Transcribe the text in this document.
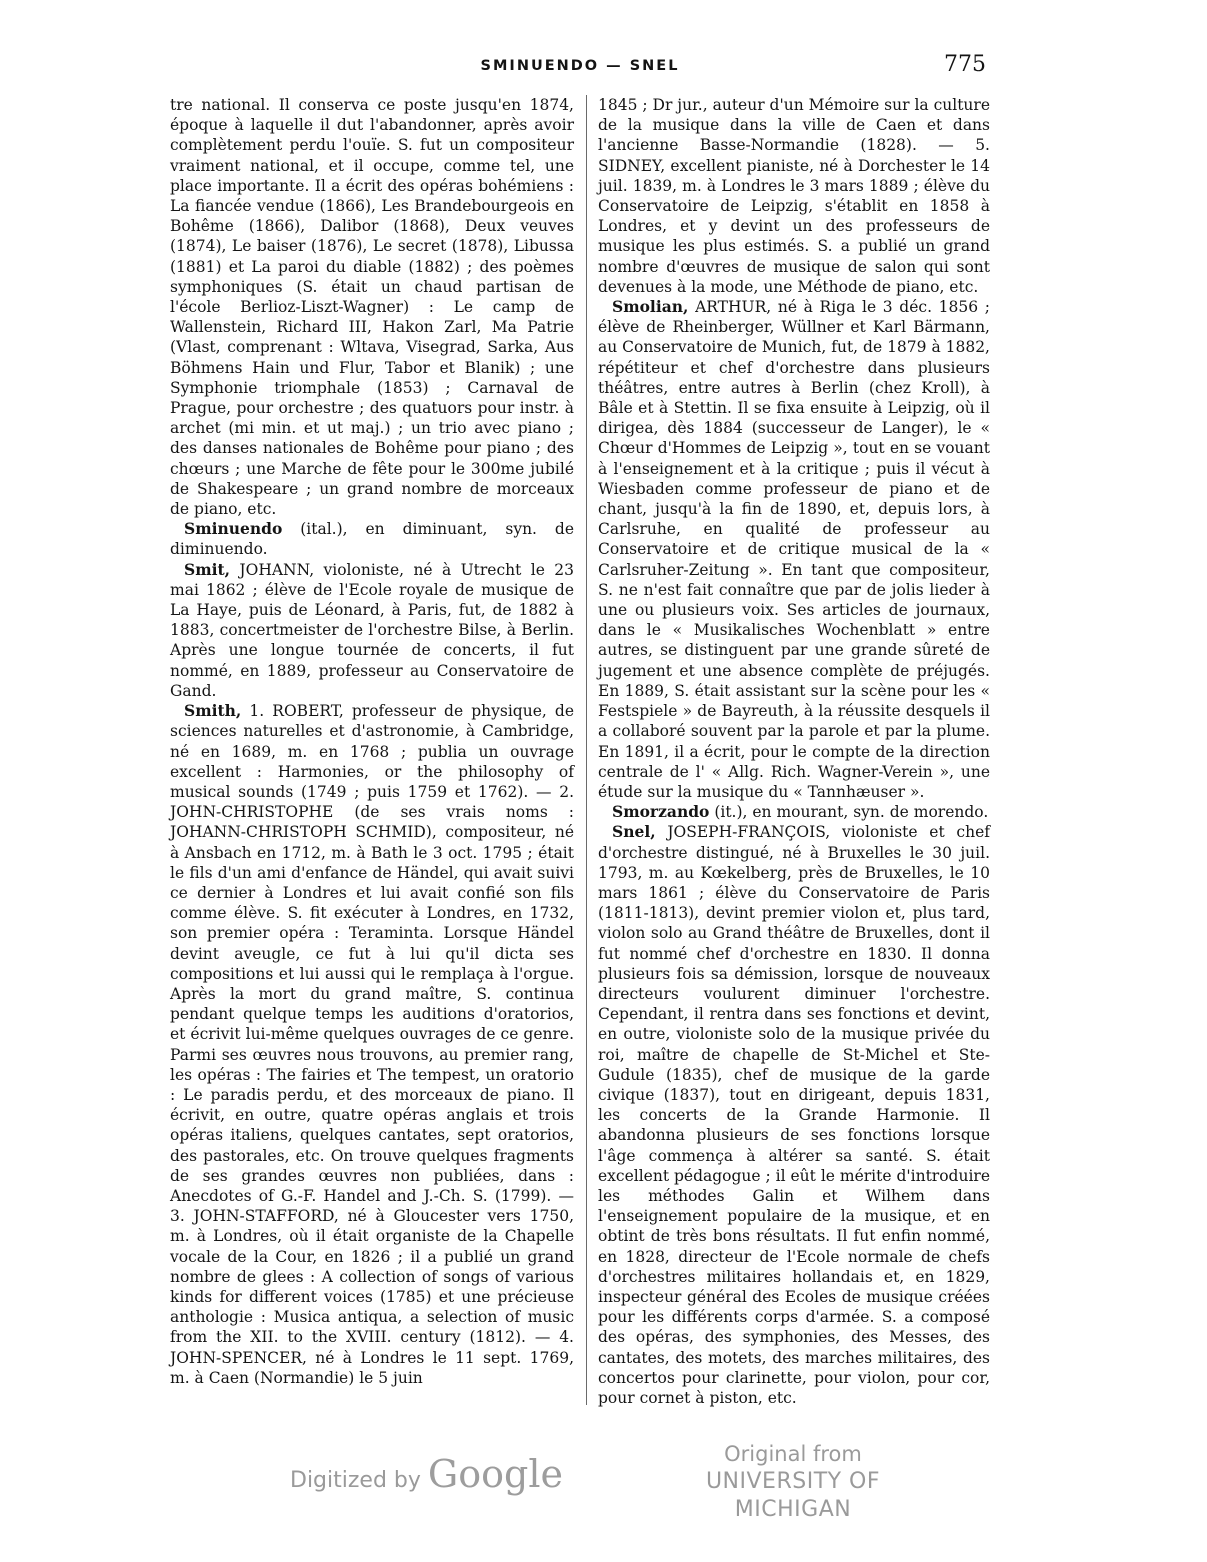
SMINUENDO — SNEL	775

tre national. Il conserva ce poste jusqu'en 1874, époque à laquelle il dut l'abandonner, après avoir complètement perdu l'ouïe. S. fut un compositeur vraiment national, et il occupe, comme tel, une place importante. Il a écrit des opéras bohémiens : La fiancée vendue (1866), Les Brandebourgeois en Bohême (1866), Dalibor (1868), Deux veuves (1874), Le baiser (1876), Le secret (1878), Libussa (1881) et La paroi du diable (1882) ; des poèmes symphoniques (S. était un chaud partisan de l'école Berlioz-Liszt-Wagner) : Le camp de Wallenstein, Richard III, Hakon Zarl, Ma Patrie (Vlast, comprenant : Wltava, Visegrad, Sarka, Aus Böhmens Hain und Flur, Tabor et Blanik) ; une Symphonie triomphale (1853) ; Carnaval de Prague, pour orchestre ; des quatuors pour instr. à archet (mi min. et ut maj.) ; un trio avec piano ; des danses nationales de Bohême pour piano ; des chœurs ; une Marche de fête pour le 300me jubilé de Shakespeare ; un grand nombre de morceaux de piano, etc.

Sminuendo (ital.), en diminuant, syn. de diminuendo.

Smit, JOHANN, violoniste, né à Utrecht le 23 mai 1862 ; élève de l'Ecole royale de musique de La Haye, puis de Léonard, à Paris, fut, de 1882 à 1883, concertmeister de l'orchestre Bilse, à Berlin. Après une longue tournée de concerts, il fut nommé, en 1889, professeur au Conservatoire de Gand.

Smith, 1. ROBERT, professeur de physique, de sciences naturelles et d'astronomie, à Cambridge, né en 1689, m. en 1768 ; publia un ouvrage excellent : Harmonies, or the philosophy of musical sounds (1749 ; puis 1759 et 1762). — 2. JOHN-CHRISTOPHE (de ses vrais noms : JOHANN-CHRISTOPH SCHMID), compositeur, né à Ansbach en 1712, m. à Bath le 3 oct. 1795 ; était le fils d'un ami d'enfance de Händel, qui avait suivi ce dernier à Londres et lui avait confié son fils comme élève. S. fit exécuter à Londres, en 1732, son premier opéra : Teraminta. Lorsque Händel devint aveugle, ce fut à lui qu'il dicta ses compositions et lui aussi qui le remplaça à l'orgue. Après la mort du grand maître, S. continua pendant quelque temps les auditions d'oratorios, et écrivit lui-même quelques ouvrages de ce genre. Parmi ses œuvres nous trouvons, au premier rang, les opéras : The fairies et The tempest, un oratorio : Le paradis perdu, et des morceaux de piano. Il écrivit, en outre, quatre opéras anglais et trois opéras italiens, quelques cantates, sept oratorios, des pastorales, etc. On trouve quelques fragments de ses grandes œuvres non publiées, dans : Anecdotes of G.-F. Handel and J.-Ch. S. (1799). — 3. JOHN-STAFFORD, né à Gloucester vers 1750, m. à Londres, où il était organiste de la Chapelle vocale de la Cour, en 1826 ; il a publié un grand nombre de glees : A collection of songs of various kinds for different voices (1785) et une précieuse anthologie : Musica antiqua, a selection of music from the XII. to the XVIII. century (1812). — 4. JOHN-SPENCER, né à Londres le 11 sept. 1769, m. à Caen (Normandie) le 5 juin

1845 ; Dr jur., auteur d'un Mémoire sur la culture de la musique dans la ville de Caen et dans l'ancienne Basse-Normandie (1828). — 5. SIDNEY, excellent pianiste, né à Dorchester le 14 juil. 1839, m. à Londres le 3 mars 1889 ; élève du Conservatoire de Leipzig, s'établit en 1858 à Londres, et y devint un des professeurs de musique les plus estimés. S. a publié un grand nombre d'œuvres de musique de salon qui sont devenues à la mode, une Méthode de piano, etc.

Smolian, ARTHUR, né à Riga le 3 déc. 1856 ; élève de Rheinberger, Wüllner et Karl Bärmann, au Conservatoire de Munich, fut, de 1879 à 1882, répétiteur et chef d'orchestre dans plusieurs théâtres, entre autres à Berlin (chez Kroll), à Bâle et à Stettin. Il se fixa ensuite à Leipzig, où il dirigea, dès 1884 (successeur de Langer), le « Chœur d'Hommes de Leipzig », tout en se vouant à l'enseignement et à la critique ; puis il vécut à Wiesbaden comme professeur de piano et de chant, jusqu'à la fin de 1890, et, depuis lors, à Carlsruhe, en qualité de professeur au Conservatoire et de critique musical de la « Carlsruher-Zeitung ». En tant que compositeur, S. ne n'est fait connaître que par de jolis lieder à une ou plusieurs voix. Ses articles de journaux, dans le « Musikalisches Wochenblatt » entre autres, se distinguent par une grande sûreté de jugement et une absence complète de préjugés. En 1889, S. était assistant sur la scène pour les « Festspiele » de Bayreuth, à la réussite desquels il a collaboré souvent par la parole et par la plume. En 1891, il a écrit, pour le compte de la direction centrale de l' « Allg. Rich. Wagner-Verein », une étude sur la musique du « Tannhæuser ».

Smorzando (it.), en mourant, syn. de morendo.

Snel, JOSEPH-FRANÇOIS, violoniste et chef d'orchestre distingué, né à Bruxelles le 30 juil. 1793, m. au Kœkelberg, près de Bruxelles, le 10 mars 1861 ; élève du Conservatoire de Paris (1811-1813), devint premier violon et, plus tard, violon solo au Grand théâtre de Bruxelles, dont il fut nommé chef d'orchestre en 1830. Il donna plusieurs fois sa démission, lorsque de nouveaux directeurs voulurent diminuer l'orchestre. Cependant, il rentra dans ses fonctions et devint, en outre, violoniste solo de la musique privée du roi, maître de chapelle de St-Michel et Ste-Gudule (1835), chef de musique de la garde civique (1837), tout en dirigeant, depuis 1831, les concerts de la Grande Harmonie. Il abandonna plusieurs de ses fonctions lorsque l'âge commença à altérer sa santé. S. était excellent pédagogue ; il eût le mérite d'introduire les méthodes Galin et Wilhem dans l'enseignement populaire de la musique, et en obtint de très bons résultats. Il fut enfin nommé, en 1828, directeur de l'Ecole normale de chefs d'orchestres militaires hollandais et, en 1829, inspecteur général des Ecoles de musique créées pour les différents corps d'armée. S. a composé des opéras, des symphonies, des Messes, des cantates, des motets, des marches militaires, des concertos pour clarinette, pour violon, pour cor, pour cornet à piston, etc.

Digitized by Google	Original from
UNIVERSITY OF MICHIGAN
